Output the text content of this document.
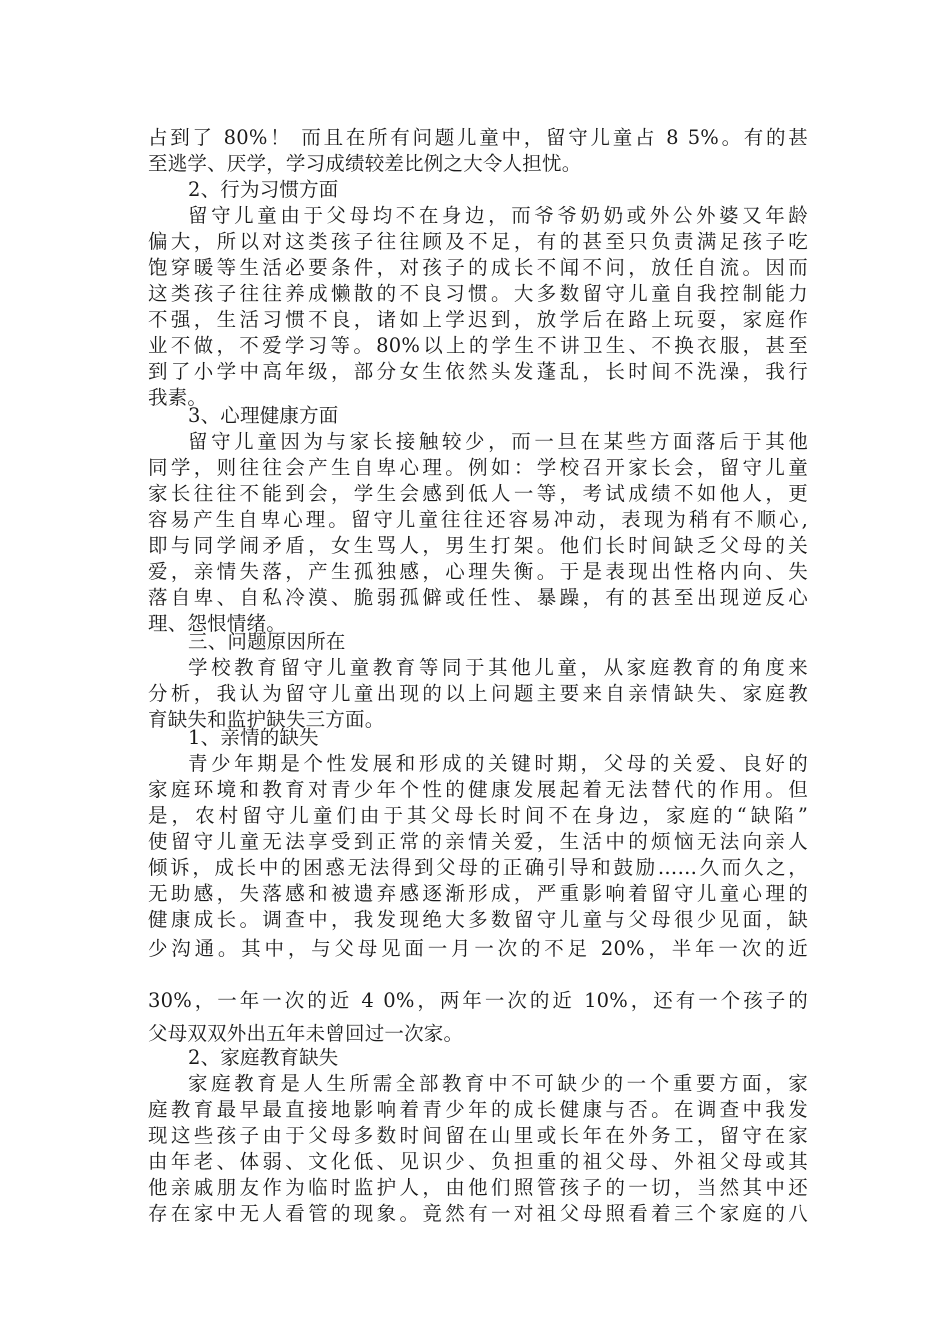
占到了 80%！ 而且在所有问题儿童中，留守儿童占 8 5%。有的甚
至逃学、厌学，学习成绩较差比例之大令人担忧。
2、行为习惯方面
留守儿童由于父母均不在身边，而爷爷奶奶或外公外婆又年龄
偏大，所以对这类孩子往往顾及不足，有的甚至只负责满足孩子吃
饱穿暖等生活必要条件，对孩子的成长不闻不问，放任自流。因而
这类孩子往往养成懒散的不良习惯。大多数留守儿童自我控制能力
不强，生活习惯不良，诸如上学迟到，放学后在路上玩耍，家庭作
业不做，不爱学习等。80%以上的学生不讲卫生、不换衣服，甚至
到了小学中高年级，部分女生依然头发蓬乱，长时间不洗澡，我行
我素。
3、心理健康方面
留守儿童因为与家长接触较少，而一旦在某些方面落后于其他
同学，则往往会产生自卑心理。例如：学校召开家长会，留守儿童
家长往往不能到会，学生会感到低人一等，考试成绩不如他人，更
容易产生自卑心理。留守儿童往往还容易冲动，表现为稍有不顺心,
即与同学闹矛盾，女生骂人，男生打架。他们长时间缺乏父母的关
爱，亲情失落，产生孤独感，心理失衡。于是表现出性格内向、失
落自卑、自私冷漠、脆弱孤僻或任性、暴躁，有的甚至出现逆反心
理、怨恨情绪。
三、问题原因所在
学校教育留守儿童教育等同于其他儿童，从家庭教育的角度来
分析，我认为留守儿童出现的以上问题主要来自亲情缺失、家庭教
育缺失和监护缺失三方面。
1、亲情的缺失
青少年期是个性发展和形成的关键时期，父母的关爱、良好的
家庭环境和教育对青少年个性的健康发展起着无法替代的作用。但
是，农村留守儿童们由于其父母长时间不在身边，家庭的“缺陷”
使留守儿童无法享受到正常的亲情关爱，生活中的烦恼无法向亲人
倾诉，成长中的困惑无法得到父母的正确引导和鼓励……久而久之，
无助感，失落感和被遗弃感逐渐形成，严重影响着留守儿童心理的
健康成长。调查中，我发现绝大多数留守儿童与父母很少见面，缺
少沟通。其中，与父母见面一月一次的不足 20%，半年一次的近
30%，一年一次的近 4 0%，两年一次的近 10%，还有一个孩子的
父母双双外出五年未曾回过一次家。
2、家庭教育缺失
家庭教育是人生所需全部教育中不可缺少的一个重要方面，家
庭教育最早最直接地影响着青少年的成长健康与否。在调查中我发
现这些孩子由于父母多数时间留在山里或长年在外务工，留守在家
由年老、体弱、文化低、见识少、负担重的祖父母、外祖父母或其
他亲戚朋友作为临时监护人，由他们照管孩子的一切，当然其中还
存在家中无人看管的现象。竟然有一对祖父母照看着三个家庭的八
